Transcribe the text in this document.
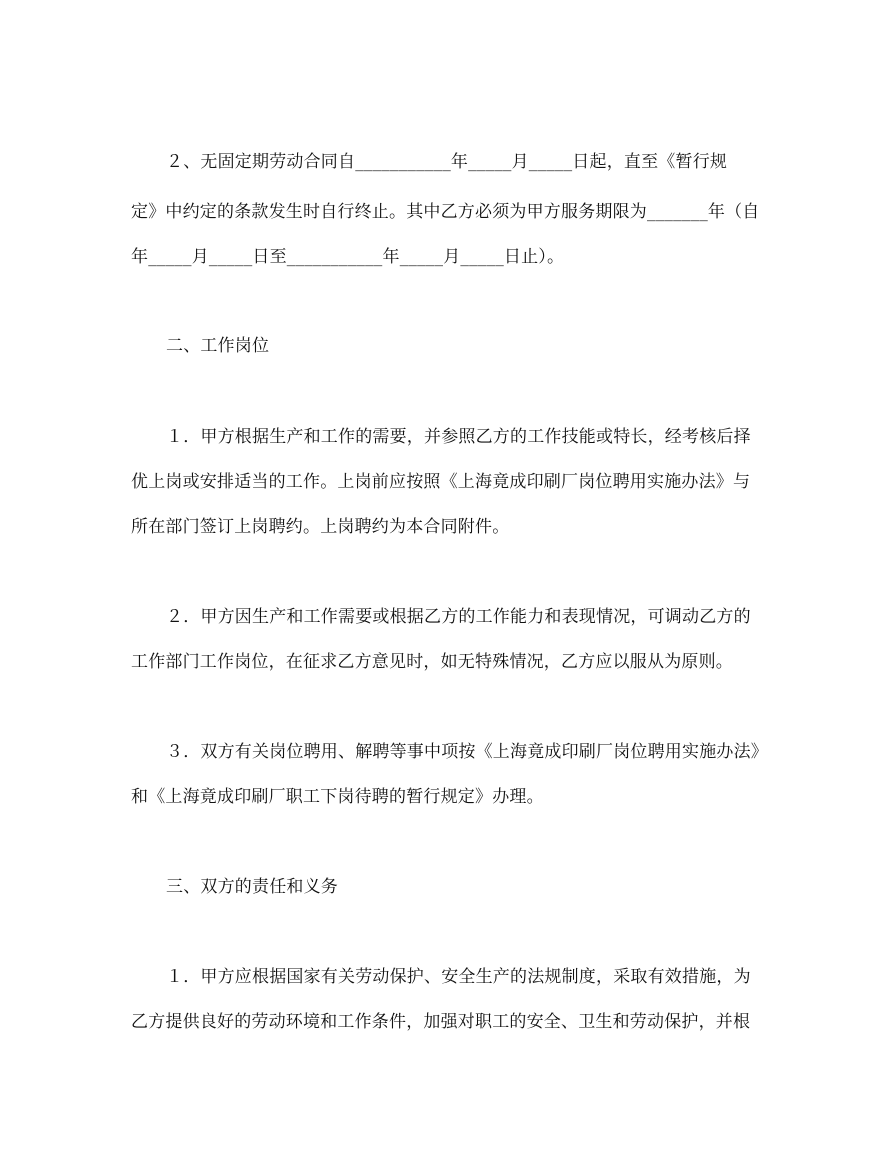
２、无固定期劳动合同自___________年_____月_____日起，直至《暂行规
定》中约定的条款发生时自行终止。其中乙方必须为甲方服务期限为_______年（自
年_____月_____日至___________年_____月_____日止）。
二、工作岗位
１．甲方根据生产和工作的需要，并参照乙方的工作技能或特长，经考核后择
优上岗或安排适当的工作。上岗前应按照《上海竟成印刷厂岗位聘用实施办法》与
所在部门签订上岗聘约。上岗聘约为本合同附件。
２．甲方因生产和工作需要或根据乙方的工作能力和表现情况，可调动乙方的
工作部门工作岗位，在征求乙方意见时，如无特殊情况，乙方应以服从为原则。
３．双方有关岗位聘用、解聘等事中项按《上海竟成印刷厂岗位聘用实施办法》
和《上海竟成印刷厂职工下岗待聘的暂行规定》办理。
三、双方的责任和义务
１．甲方应根据国家有关劳动保护、安全生产的法规制度，采取有效措施，为
乙方提供良好的劳动环境和工作条件，加强对职工的安全、卫生和劳动保护，并根
